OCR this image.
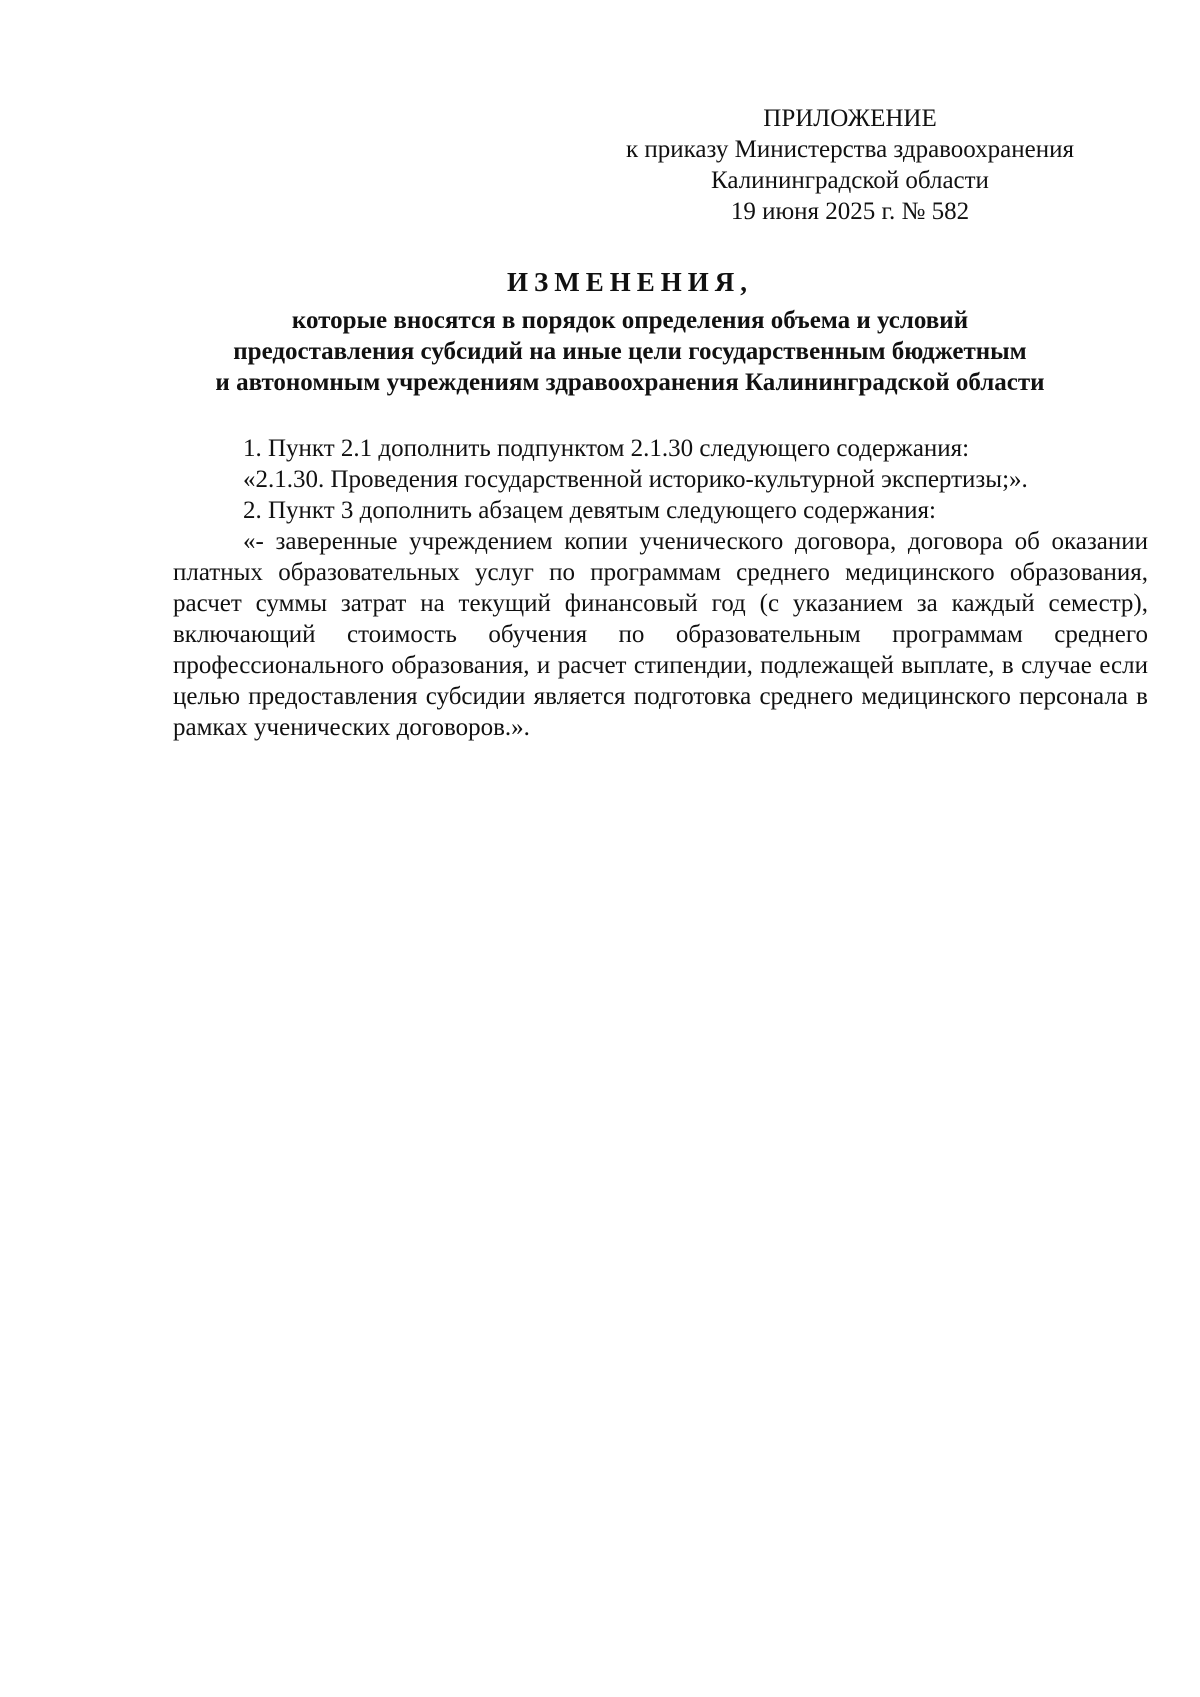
ПРИЛОЖЕНИЕ
к приказу Министерства здравоохранения
Калининградской области
19 июня 2025 г. № 582
ИЗМЕНЕНИЯ,
которые вносятся в порядок определения объема и условий
предоставления субсидий на иные цели государственным бюджетным
и автономным учреждениям здравоохранения Калининградской области

1. Пункт 2.1 дополнить подпунктом 2.1.30 следующего содержания:

«2.1.30. Проведения государственной историко-культурной экспертизы;».

2. Пункт 3 дополнить абзацем девятым следующего содержания:

«- заверенные учреждением копии ученического договора, договора об оказании платных образовательных услуг по программам среднего медицинского образования, расчет суммы затрат на текущий финансовый год (с указанием за каждый семестр), включающий стоимость обучения по образовательным программам среднего профессионального образования, и расчет стипендии, подлежащей выплате, в случае если целью предоставления субсидии является подготовка среднего медицинского персонала в рамках ученических договоров.».
